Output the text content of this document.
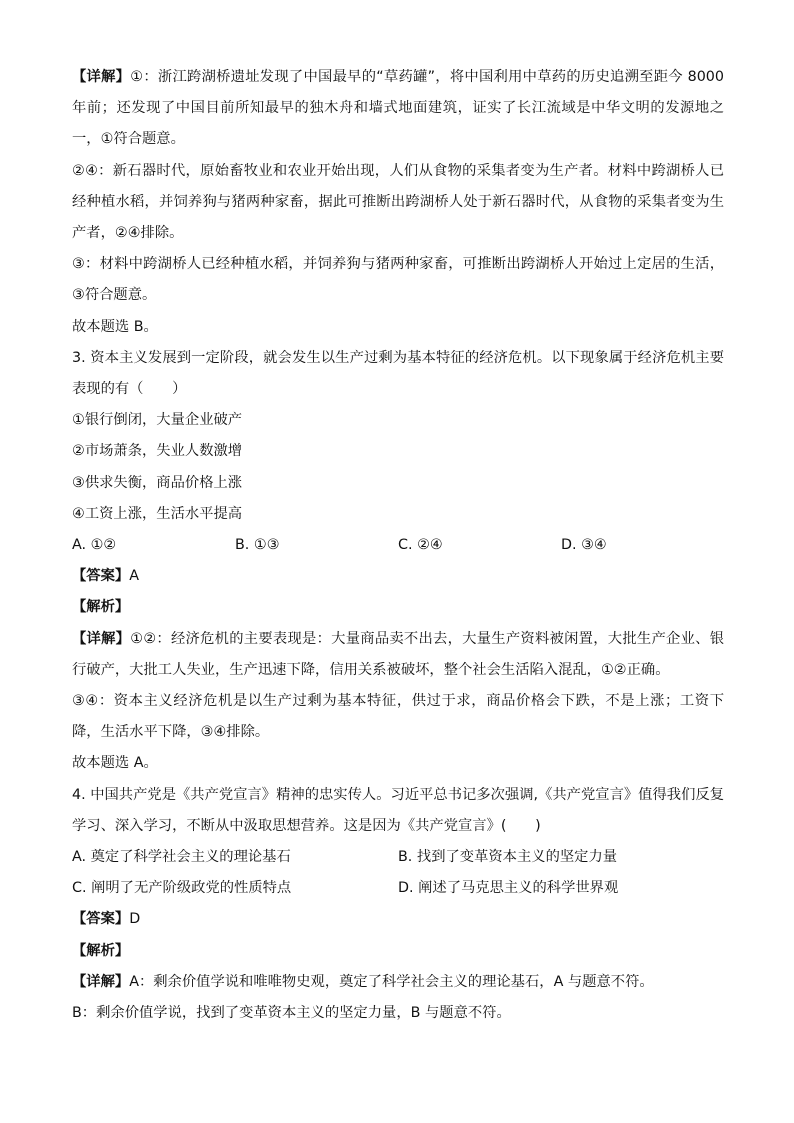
【详解】①：浙江跨湖桥遗址发现了中国最早的“草药罐”，将中国利用中草药的历史追溯至距今 8000 年前；还发现了中国目前所知最早的独木舟和墙式地面建筑，证实了长江流域是中华文明的发源地之一，①符合题意。

②④：新石器时代，原始畜牧业和农业开始出现，人们从食物的采集者变为生产者。材料中跨湖桥人已经种植水稻，并饲养狗与猪两种家畜，据此可推断出跨湖桥人处于新石器时代，从食物的采集者变为生产者，②④排除。

③：材料中跨湖桥人已经种植水稻，并饲养狗与猪两种家畜，可推断出跨湖桥人开始过上定居的生活，③符合题意。

故本题选 B。

3. 资本主义发展到一定阶段，就会发生以生产过剩为基本特征的经济危机。以下现象属于经济危机主要表现的有（　　）

①银行倒闭，大量企业破产

②市场萧条，失业人数激增

③供求失衡，商品价格上涨

④工资上涨，生活水平提高

A. ①②	B. ①③	C. ②④	D. ③④

【答案】A

【解析】

【详解】①②：经济危机的主要表现是：大量商品卖不出去，大量生产资料被闲置，大批生产企业、银行破产，大批工人失业，生产迅速下降，信用关系被破坏，整个社会生活陷入混乱，①②正确。

③④：资本主义经济危机是以生产过剩为基本特征，供过于求，商品价格会下跌，不是上涨；工资下降，生活水平下降，③④排除。

故本题选 A。

4. 中国共产党是《共产党宣言》精神的忠实传人。习近平总书记多次强调,《共产党宣言》值得我们反复学习、深入学习，不断从中汲取思想营养。这是因为《共产党宣言》(　　)

A. 奠定了科学社会主义的理论基石	B. 找到了变革资本主义的坚定力量
C. 阐明了无产阶级政党的性质特点	D. 阐述了马克思主义的科学世界观

【答案】D

【解析】

【详解】A：剩余价值学说和唯唯物史观，奠定了科学社会主义的理论基石，A 与题意不符。

B：剩余价值学说，找到了变革资本主义的坚定力量，B 与题意不符。
